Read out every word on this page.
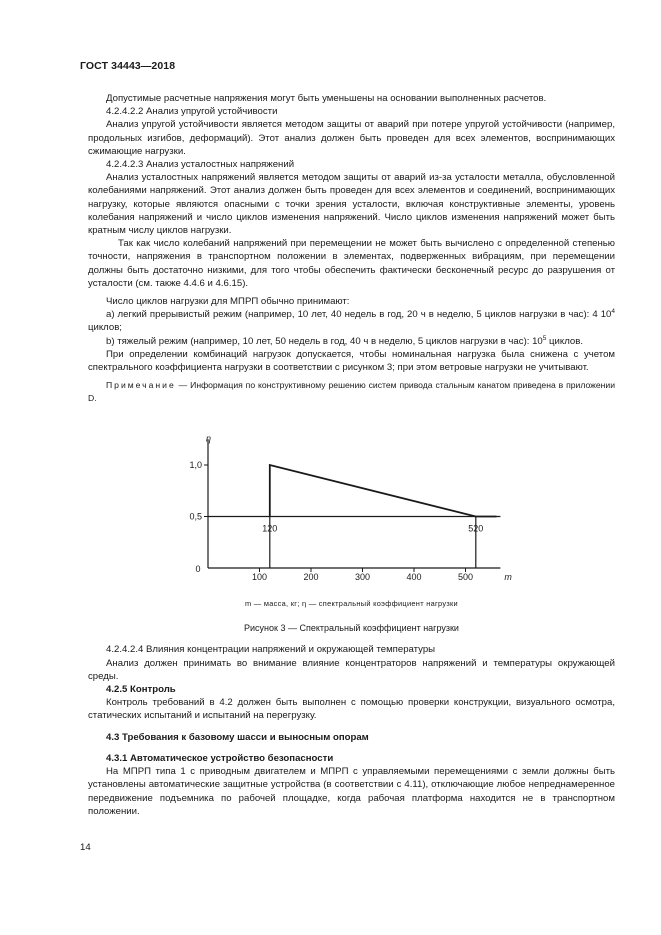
ГОСТ 34443—2018

Допустимые расчетные напряжения могут быть уменьшены на основании выполненных расчетов.

4.2.4.2.2 Анализ упругой устойчивости

Анализ упругой устойчивости является методом защиты от аварий при потере упругой устойчивости (например, продольных изгибов, деформаций). Этот анализ должен быть проведен для всех элементов, воспринимающих сжимающие нагрузки.

4.2.4.2.3 Анализ усталостных напряжений

Анализ усталостных напряжений является методом защиты от аварий из-за усталости металла, обусловленной колебаниями напряжений. Этот анализ должен быть проведен для всех элементов и соединений, воспринимающих нагрузку, которые являются опасными с точки зрения усталости, включая конструктивные элементы, уровень колебания напряжений и число циклов изменения напряжений. Число циклов изменения напряжений может быть кратным числу циклов нагрузки.

Так как число колебаний напряжений при перемещении не может быть вычислено с определенной степенью точности, напряжения в транспортном положении в элементах, подверженных вибрациям, при перемещении должны быть достаточно низкими, для того чтобы обеспечить фактически бесконечный ресурс до разрушения от усталости (см. также 4.4.6 и 4.6.15).

Число циклов нагрузки для МПРП обычно принимают:

а) легкий прерывистый режим (например, 10 лет, 40 недель в год, 20 ч в неделю, 5 циклов нагрузки в час): 4 $10^4$ циклов;

b) тяжелый режим (например, 10 лет, 50 недель в год, 40 ч в неделю, 5 циклов нагрузки в час): $10^5$ циклов.

При определении комбинаций нагрузок допускается, чтобы номинальная нагрузка была снижена с учетом спектрального коэффициента нагрузки в соответствии с рисунком 3; при этом ветровые нагрузки не учитывают.

Примечание — Информация по конструктивному решению систем привода стальным канатом приведена в приложении D.

0
100	200	300	400	500
0,5
1,0
m
η
120	520
m — масса, кг; η — спектральный коэффициент нагрузки
Рисунок 3 — Спектральный коэффициент нагрузки

4.2.4.2.4 Влияния концентрации напряжений и окружающей температуры

Анализ должен принимать во внимание влияние концентраторов напряжений и температуры окружающей среды.

4.2.5 Контроль

Контроль требований в 4.2 должен быть выполнен с помощью проверки конструкции, визуального осмотра, статических испытаний и испытаний на перегрузку.

4.3 Требования к базовому шасси и выносным опорам

4.3.1 Автоматическое устройство безопасности

На МПРП типа 1 с приводным двигателем и МПРП с управляемыми перемещениями с земли должны быть установлены автоматические защитные устройства (в соответствии с 4.11), отключающие любое непреднамеренное передвижение подъемника по рабочей площадке, когда рабочая платформа находится не в транспортном положении.

14
